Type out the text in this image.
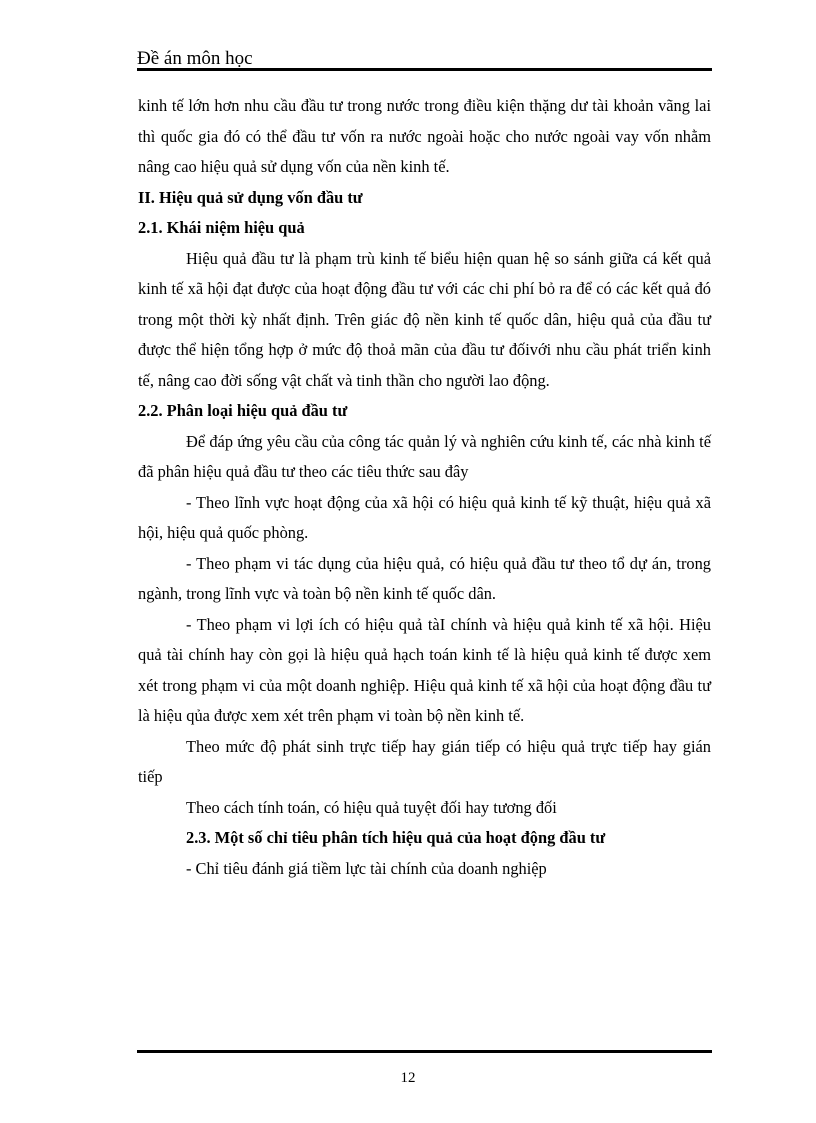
Đề án môn học

kinh tế lớn hơn nhu cầu đầu tư trong nước trong điều kiện thặng dư tài khoản vãng lai thì quốc gia đó có thể đầu tư vốn ra nước ngoài hoặc cho nước ngoài vay vốn nhằm nâng cao hiệu quả sử dụng vốn của nền kinh tế.

II. Hiệu quả sử dụng vốn đầu tư

2.1. Khái niệm hiệu quả

Hiệu quả đầu tư là phạm trù kinh tế biểu hiện quan hệ so sánh giữa cá kết quả kinh tế xã hội đạt được của hoạt động đầu tư với các chi phí bỏ ra để có các kết quả đó trong một thời kỳ nhất định. Trên giác độ nền kinh tế quốc dân, hiệu quả của đầu tư được thể hiện tổng hợp ở mức độ thoả mãn của đầu tư đốivới nhu cầu phát triển kinh tế, nâng cao đời sống vật chất và tinh thần cho người lao động.

2.2. Phân loại hiệu quả đầu tư

Để đáp ứng yêu cầu của công tác quản lý và nghiên cứu kinh tế, các nhà kinh tế đã phân hiệu quả đầu tư theo các tiêu thức sau đây

- Theo lĩnh vực hoạt động của xã hội có hiệu quả kinh tế kỹ thuật, hiệu quả xã hội, hiệu quả quốc phòng.

- Theo phạm vi tác dụng của hiệu quả, có hiệu quả đầu tư theo tổ dự án, trong ngành, trong lĩnh vực và toàn bộ nền kinh tế quốc dân.

- Theo phạm vi lợi ích có hiệu quả tàI chính và hiệu quả kinh tế xã hội. Hiệu quả tài chính hay còn gọi là hiệu quả hạch toán kinh tế là hiệu quả kinh tế được xem xét trong phạm vi của một doanh nghiệp. Hiệu quả kinh tế xã hội của hoạt động đầu tư là hiệu qủa được xem xét trên phạm vi toàn bộ nền kinh tế.

Theo mức độ phát sinh trực tiếp hay gián tiếp có hiệu quả trực tiếp hay gián tiếp

Theo cách tính toán, có hiệu quả tuyệt đối hay tương đối

2.3. Một số chỉ tiêu phân tích hiệu quả của hoạt động đầu tư

- Chỉ tiêu đánh giá tiềm lực tài chính của doanh nghiệp

12
